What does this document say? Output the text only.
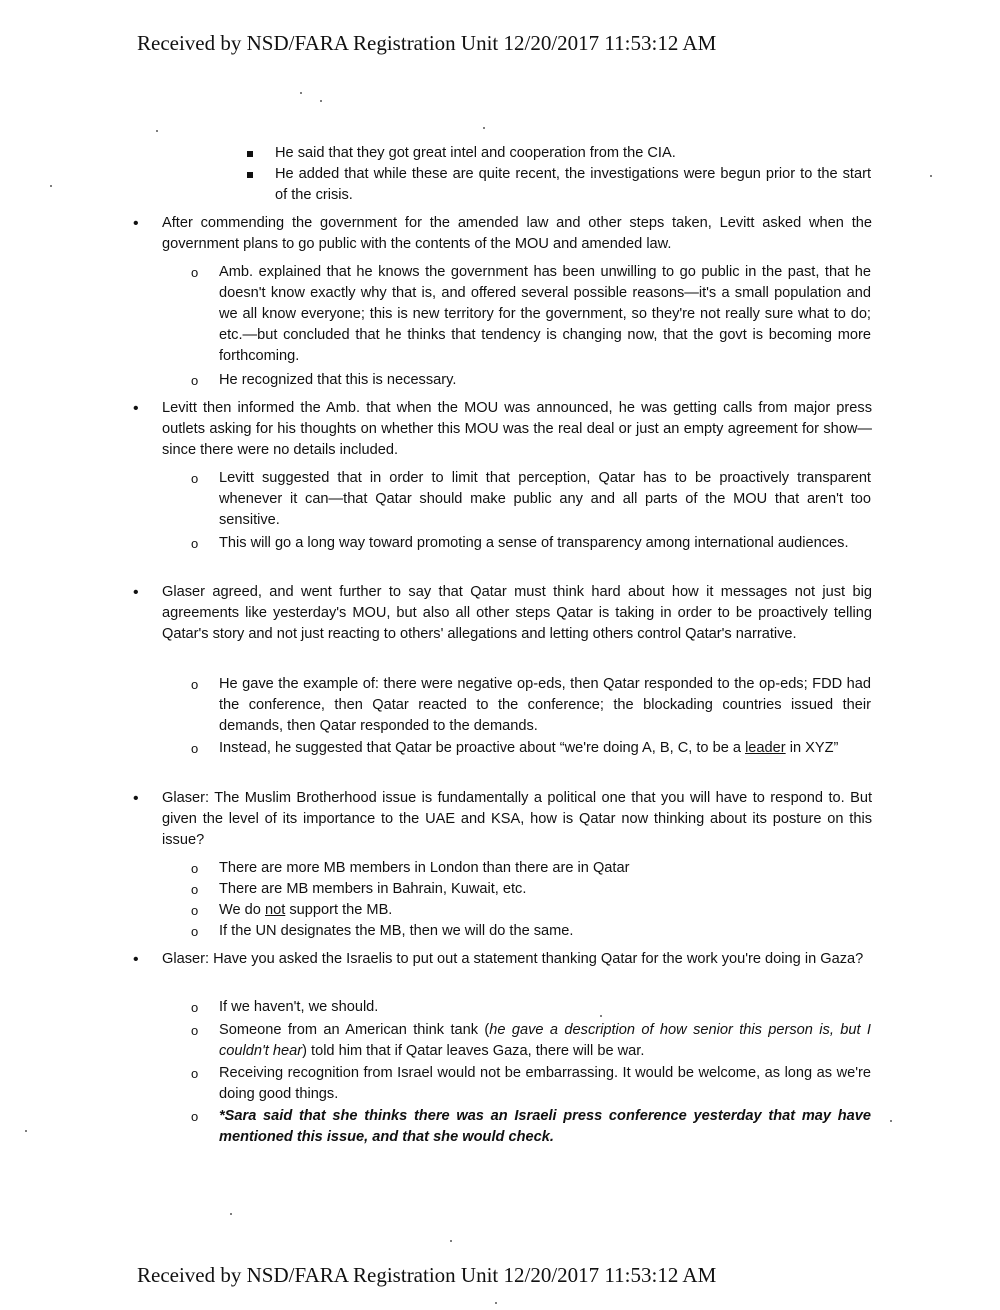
Received by NSD/FARA Registration Unit 12/20/2017 11:53:12 AM
He said that they got great intel and cooperation from the CIA.
He added that while these are quite recent, the investigations were begun prior to the start of the crisis.
• After commending the government for the amended law and other steps taken, Levitt asked when the government plans to go public with the contents of the MOU and amended law.
o Amb. explained that he knows the government has been unwilling to go public in the past, that he doesn't know exactly why that is, and offered several possible reasons—it's a small population and we all know everyone; this is new territory for the government, so they're not really sure what to do; etc.—but concluded that he thinks that tendency is changing now, that the govt is becoming more forthcoming.
o He recognized that this is necessary.
• Levitt then informed the Amb. that when the MOU was announced, he was getting calls from major press outlets asking for his thoughts on whether this MOU was the real deal or just an empty agreement for show—since there were no details included.
o Levitt suggested that in order to limit that perception, Qatar has to be proactively transparent whenever it can—that Qatar should make public any and all parts of the MOU that aren't too sensitive.
o This will go a long way toward promoting a sense of transparency among international audiences.
• Glaser agreed, and went further to say that Qatar must think hard about how it messages not just big agreements like yesterday's MOU, but also all other steps Qatar is taking in order to be proactively telling Qatar's story and not just reacting to others' allegations and letting others control Qatar's narrative.
o He gave the example of: there were negative op-eds, then Qatar responded to the op-eds; FDD had the conference, then Qatar reacted to the conference; the blockading countries issued their demands, then Qatar responded to the demands.
o Instead, he suggested that Qatar be proactive about “we're doing A, B, C, to be a leader in XYZ”
• Glaser: The Muslim Brotherhood issue is fundamentally a political one that you will have to respond to. But given the level of its importance to the UAE and KSA, how is Qatar now thinking about its posture on this issue?
o There are more MB members in London than there are in Qatar
o There are MB members in Bahrain, Kuwait, etc.
o We do not support the MB.
o If the UN designates the MB, then we will do the same.
• Glaser: Have you asked the Israelis to put out a statement thanking Qatar for the work you're doing in Gaza?
o If we haven't, we should.
o Someone from an American think tank (he gave a description of how senior this person is, but I couldn't hear) told him that if Qatar leaves Gaza, there will be war.
o Receiving recognition from Israel would not be embarrassing. It would be welcome, as long as we're doing good things.
o *Sara said that she thinks there was an Israeli press conference yesterday that may have mentioned this issue, and that she would check.
Received by NSD/FARA Registration Unit 12/20/2017 11:53:12 AM
